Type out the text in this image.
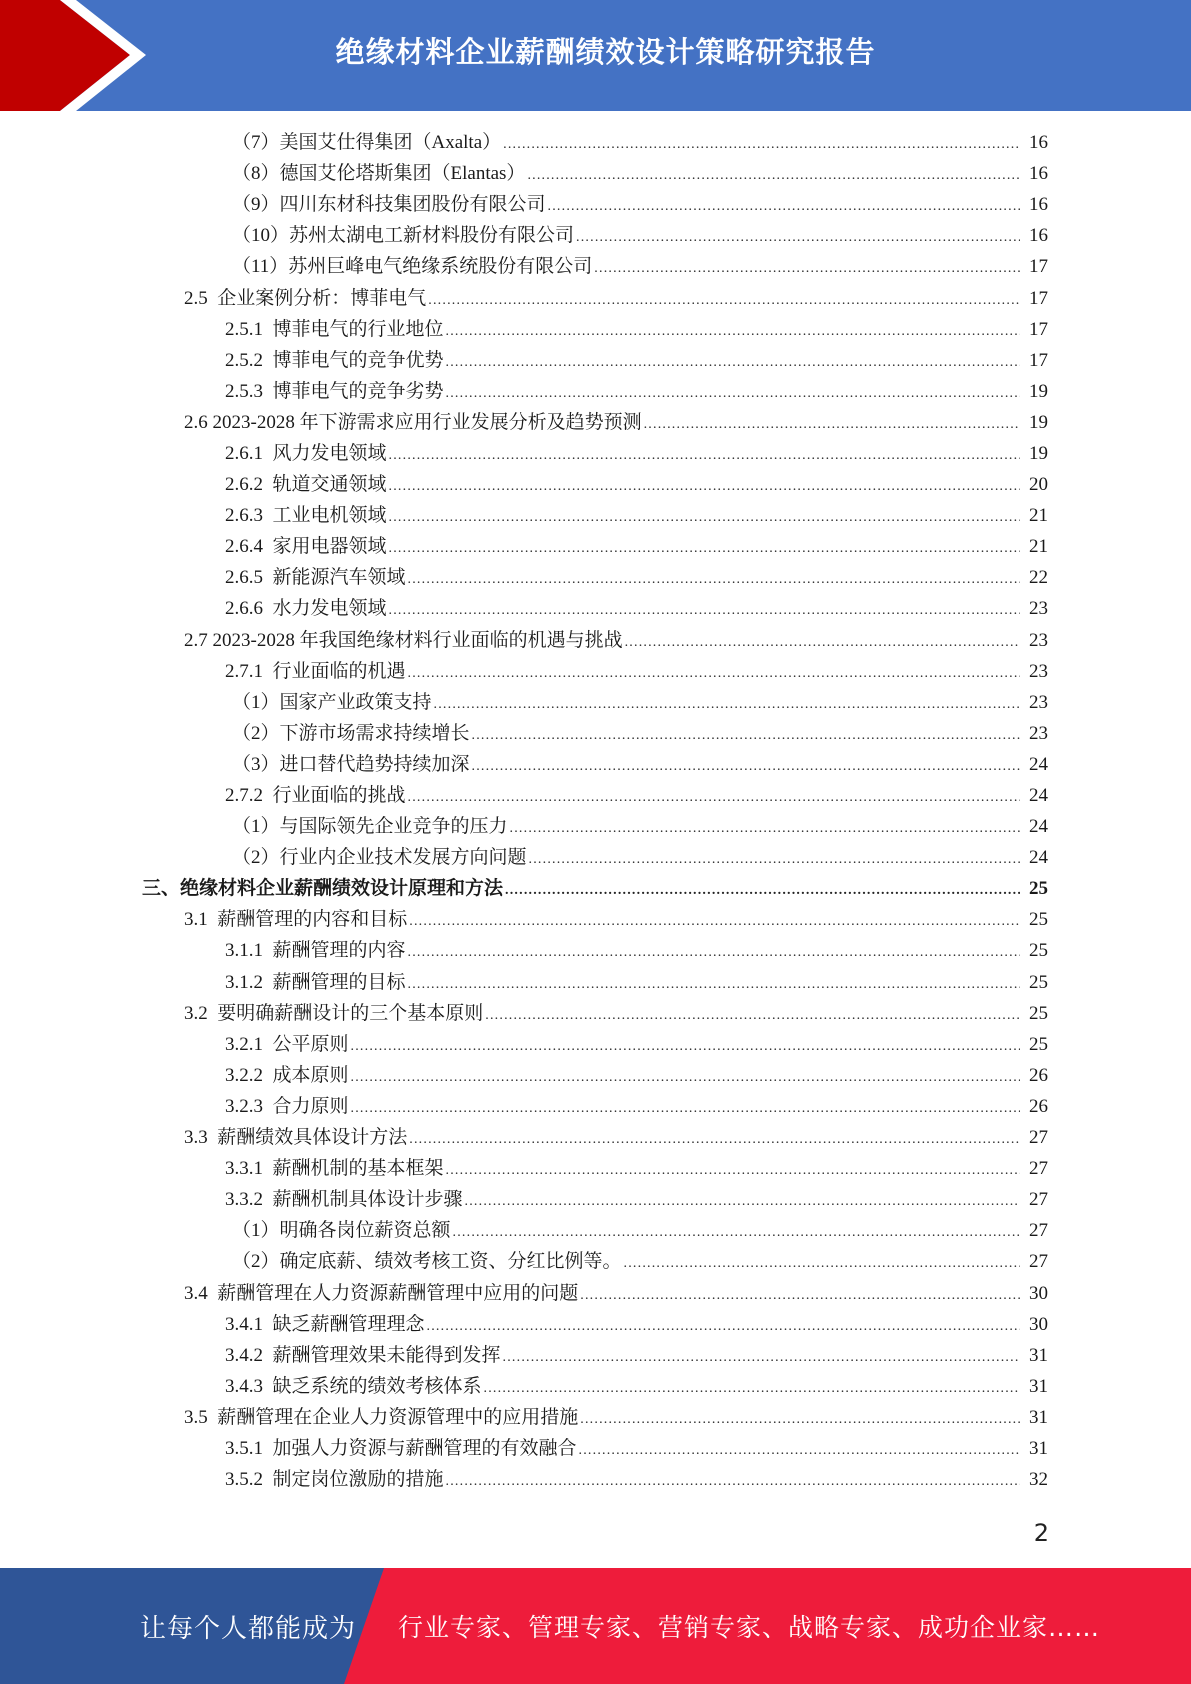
绝缘材料企业薪酬绩效设计策略研究报告
（7）美国艾仕得集团（Axalta） .....	16
（8）德国艾伦塔斯集团（Elantas） .....	16
（9）四川东材科技集团股份有限公司 .....	16
（10）苏州太湖电工新材料股份有限公司 .....	16
（11）苏州巨峰电气绝缘系统股份有限公司 .....	17
2.5  企业案例分析：博菲电气 .....	17
2.5.1  博菲电气的行业地位 .....	17
2.5.2  博菲电气的竞争优势 .....	17
2.5.3  博菲电气的竞争劣势 .....	19
2.6 2023-2028 年下游需求应用行业发展分析及趋势预测 .....	19
2.6.1  风力发电领域 .....	19
2.6.2  轨道交通领域 .....	20
2.6.3  工业电机领域 .....	21
2.6.4  家用电器领域 .....	21
2.6.5  新能源汽车领域 .....	22
2.6.6  水力发电领域 .....	23
2.7 2023-2028 年我国绝缘材料行业面临的机遇与挑战 .....	23
2.7.1  行业面临的机遇 .....	23
（1）国家产业政策支持 .....	23
（2）下游市场需求持续增长 .....	23
（3）进口替代趋势持续加深 .....	24
2.7.2  行业面临的挑战 .....	24
（1）与国际领先企业竞争的压力 .....	24
（2）行业内企业技术发展方向问题 .....	24
三、绝缘材料企业薪酬绩效设计原理和方法 .....	25
3.1  薪酬管理的内容和目标 .....	25
3.1.1  薪酬管理的内容 .....	25
3.1.2  薪酬管理的目标 .....	25
3.2  要明确薪酬设计的三个基本原则 .....	25
3.2.1  公平原则 .....	25
3.2.2  成本原则 .....	26
3.2.3  合力原则 .....	26
3.3  薪酬绩效具体设计方法 .....	27
3.3.1  薪酬机制的基本框架 .....	27
3.3.2  薪酬机制具体设计步骤 .....	27
（1）明确各岗位薪资总额 .....	27
（2）确定底薪、绩效考核工资、分红比例等。 .....	27
3.4  薪酬管理在人力资源薪酬管理中应用的问题 .....	30
3.4.1  缺乏薪酬管理理念 .....	30
3.4.2  薪酬管理效果未能得到发挥 .....	31
3.4.3  缺乏系统的绩效考核体系 .....	31
3.5  薪酬管理在企业人力资源管理中的应用措施 .....	31
3.5.1  加强人力资源与薪酬管理的有效融合 .....	31
3.5.2  制定岗位激励的措施 .....	32
2
让每个人都能成为 行业专家、管理专家、营销专家、战略专家、成功企业家……
